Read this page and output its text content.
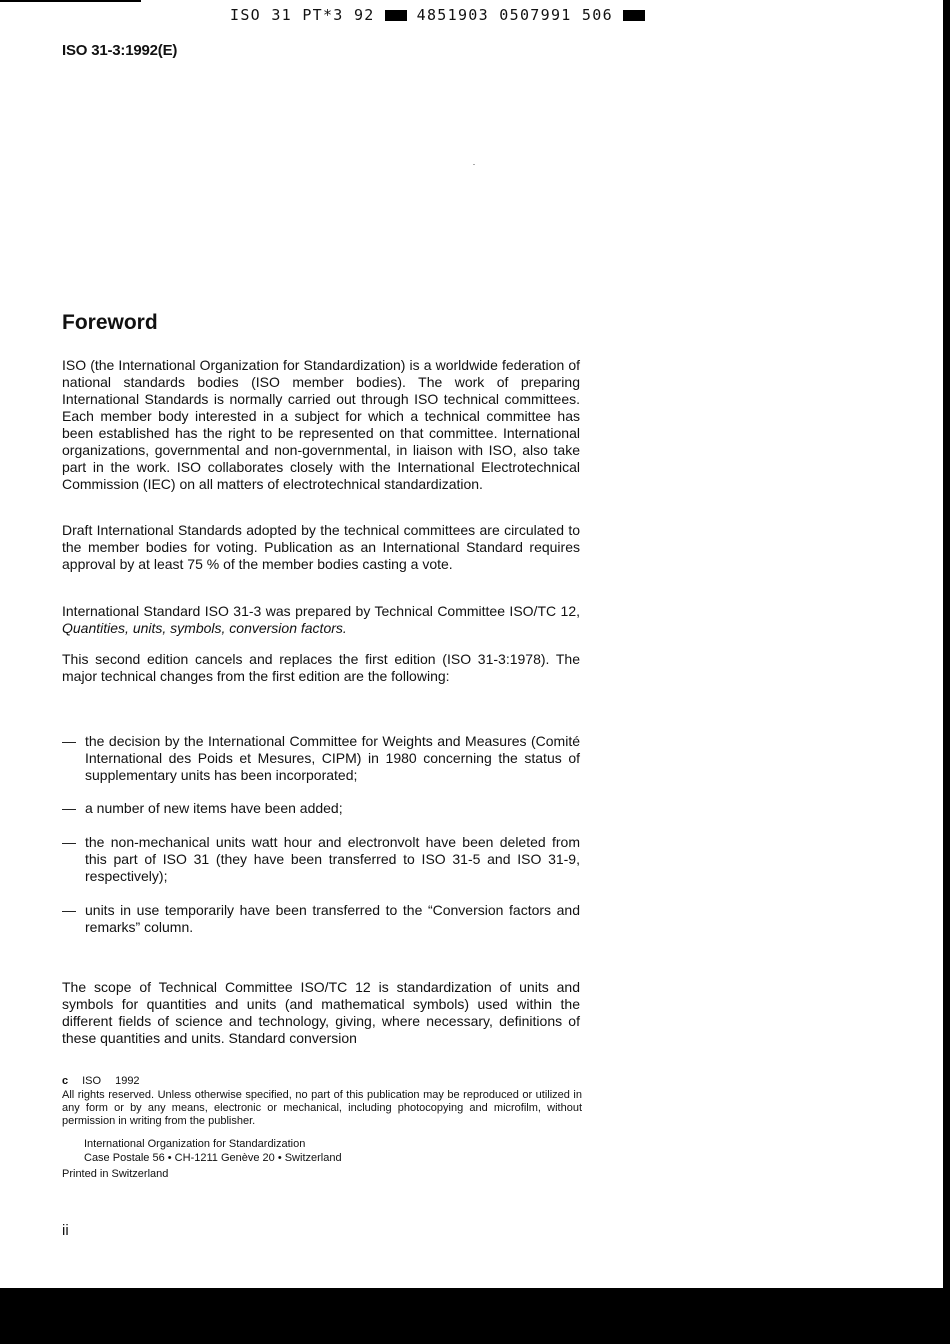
ISO 31 PT*3 92	4851903 0507991 506
ISO 31-3:1992(E)
Foreword

ISO (the International Organization for Standardization) is a worldwide federation of national standards bodies (ISO member bodies). The work of preparing International Standards is normally carried out through ISO technical committees. Each member body interested in a subject for which a technical committee has been established has the right to be represented on that committee. International organizations, governmental and non-governmental, in liaison with ISO, also take part in the work. ISO collaborates closely with the International Electrotechnical Commission (IEC) on all matters of electrotechnical standardization.

Draft International Standards adopted by the technical committees are circulated to the member bodies for voting. Publication as an International Standard requires approval by at least 75 % of the member bodies casting a vote.

International Standard ISO 31-3 was prepared by Technical Committee ISO/TC 12, Quantities, units, symbols, conversion factors.

This second edition cancels and replaces the first edition (ISO 31-3:1978). The major technical changes from the first edition are the following:

— the decision by the International Committee for Weights and Measures (Comité International des Poids et Mesures, CIPM) in 1980 concerning the status of supplementary units has been incorporated;
— a number of new items have been added;
— the non-mechanical units watt hour and electronvolt have been deleted from this part of ISO 31 (they have been transferred to ISO 31-5 and ISO 31-9, respectively);
— units in use temporarily have been transferred to the “Conversion factors and remarks” column.

The scope of Technical Committee ISO/TC 12 is standardization of units and symbols for quantities and units (and mathematical symbols) used within the different fields of science and technology, giving, where necessary, definitions of these quantities and units. Standard conversion

c ISO 1992

All rights reserved. Unless otherwise specified, no part of this publication may be reproduced or utilized in any form or by any means, electronic or mechanical, including photocopying and microfilm, without permission in writing from the publisher.

International Organization for Standardization
Case Postale 56 • CH-1211 Genève 20 • Switzerland
Printed in Switzerland
ii
